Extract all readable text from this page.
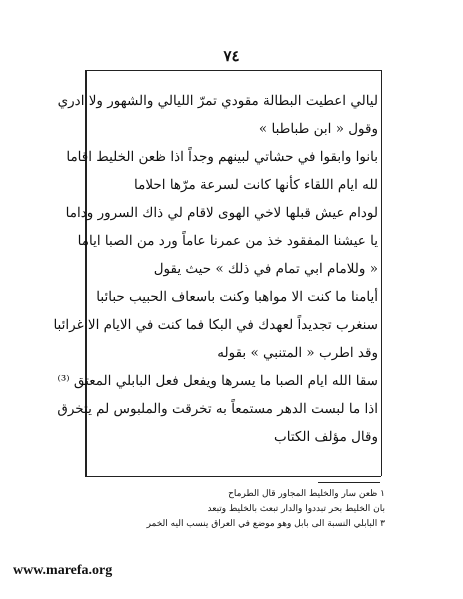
٧٤
ليالي اعطيت البطالة مقودي تمرّ الليالي والشهور ولا ادري
وقول « ابن طباطبا »
بانوا وابقوا في حشاتي لبينهم وجداً اذا ظعن الخليط اقاما
لله ايام اللقاء كأنها كانت لسرعة مرّها احلاما
لودام عيش قبلها لاخي الهوى لاقام لي ذاك السرور وداما
يا عيشنا المفقود خذ من عمرنا عاماً ورد من الصبا اياما
« وللامام ابي تمام في ذلك » حيث يقول
أيامنا ما كنت الا مواهبا وكنت باسعاف الحبيب حبائبا
سنغرب تجديداً لعهدك في البكا فما كنت في الايام الا غرائبا
وقد اطرب « المتنبي » بقوله
سقا الله ايام الصبا ما يسرها ويفعل فعل البابلي المعتق ⁽³⁾
اذا ما لبست الدهر مستمعاً به تخرقت والملبوس لم يتخرق
وقال مؤلف الكتاب
١ ظعن سار والخليط المجاور قال الطرماح
بان الخليط بحر تبددوا والدار تبعث بالخليط وتبعد
٣ البابلي النسبة الى بابل وهو موضع في العراق ينسب اليه الخمر
www.marefa.org
